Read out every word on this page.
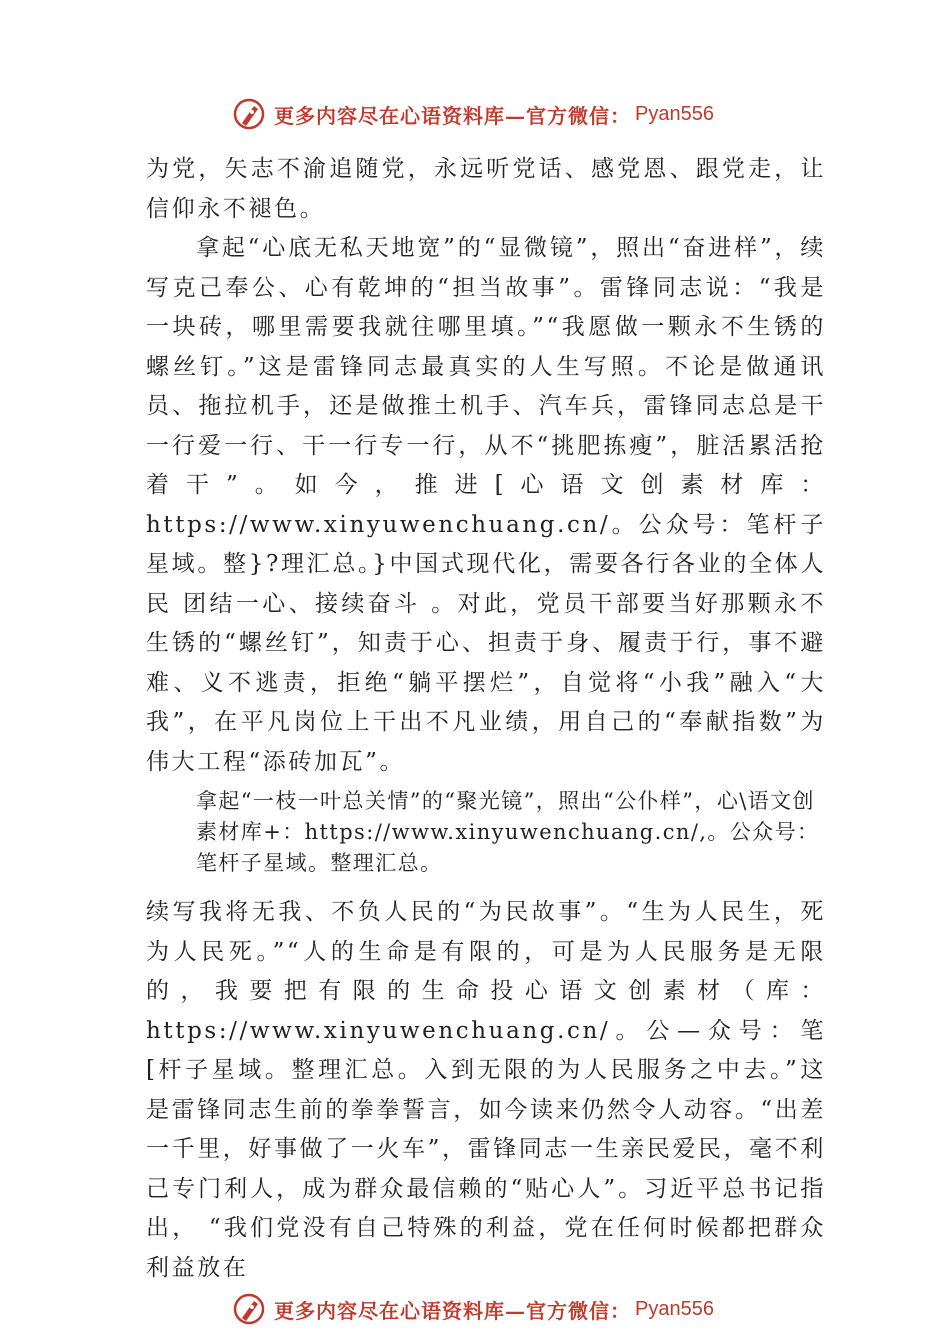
更多内容尽在心语资料库—官方微信： Pyan556

为党，矢志不渝追随党，永远听党话、感党恩、跟党走，让信仰永不褪色。

拿起“心底无私天地宽”的“显微镜”，照出“奋进样”，续写克己奉公、心有乾坤的“担当故事”。雷锋同志说：“我是一块砖，哪里需要我就往哪里填。”“我愿做一颗永不生锈的螺丝钉。”这是雷锋同志最真实的人生写照。不论是做通讯员、拖拉机手，还是做推土机手、汽车兵，雷锋同志总是干 一行爱一行、干一行专一行，从不“挑肥拣瘦”，脏活累活抢着干”。如今，推进[心语文创素材库：https://www.xinyuwenchuang.cn/。公众号：笔杆子星域。整}?理汇总。}中国式现代化，需要各行各业的全体人民 团结一心、接续奋斗 。对此，党员干部要当好那颗永不生锈的“螺丝钉”，知责于心、担责于身、履责于行，事不避难、义不逃责，拒绝“躺平摆烂”，自觉将“小我”融入“大我”，在平凡岗位上干出不凡业绩，用自己的“奉献指数”为伟大工程“添砖加瓦”。

拿起“一枝一叶总关情”的“聚光镜”，照出“公仆样”，心\语文创素材库+：https://www.xinyuwenchuang.cn/,。公众号：笔杆子星域。整理汇总。

续写我将无我、不负人民的“为民故事”。“生为人民生，死为人民死。”“人的生命是有限的，可是为人民服务是无限的，我要把有限的生命投心语文创素材（库：https://www.xinyuwenchuang.cn/。公—众号：笔[杆子星域。整理汇总。入到无限的为人民服务之中去。”这是雷锋同志生前的拳拳誓言，如今读来仍然令人动容。“出差一千里，好事做了一火车”，雷锋同志一生亲民爱民，毫不利己专门利人，成为群众最信赖的“贴心人”。习近平总书记指出， “我们党没有自己特殊的利益，党在任何时候都把群众利益放在

更多内容尽在心语资料库—官方微信： Pyan556
